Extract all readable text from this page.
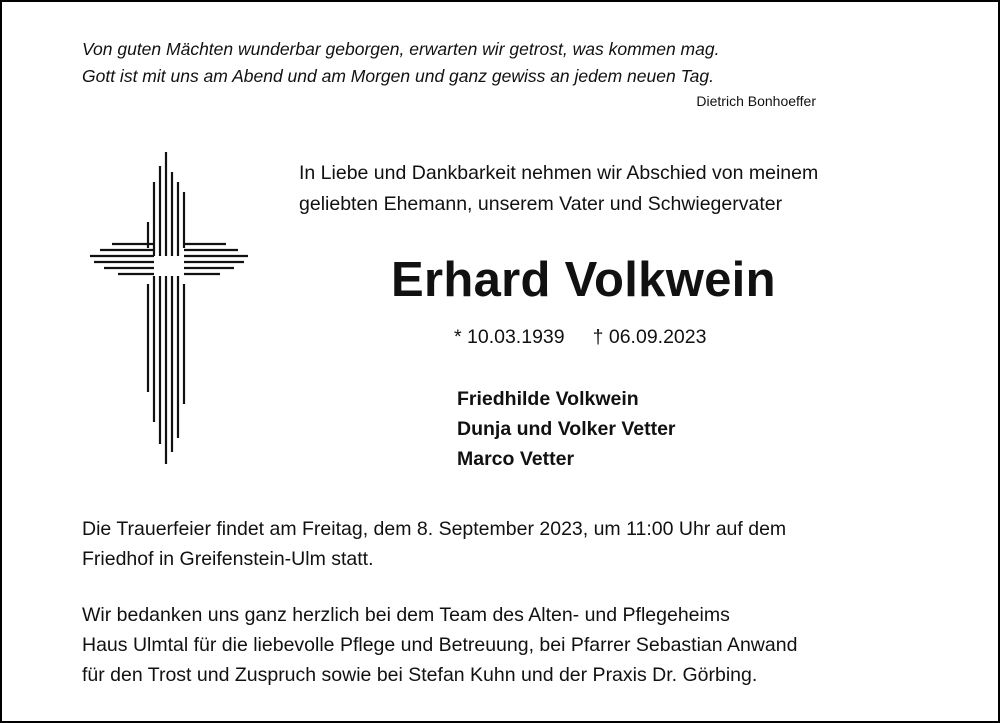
Von guten Mächten wunderbar geborgen, erwarten wir getrost, was kommen mag.
Gott ist mit uns am Abend und am Morgen und ganz gewiss an jedem neuen Tag.
Dietrich Bonhoeffer
In Liebe und Dankbarkeit nehmen wir Abschied von meinem
geliebten Ehemann, unserem Vater und Schwiegervater
Erhard Volkwein
* 10.03.1939 † 06.09.2023
Friedhilde Volkwein
Dunja und Volker Vetter
Marco Vetter
Die Trauerfeier findet am Freitag, dem 8. September 2023, um 11:00 Uhr auf dem
Friedhof in Greifenstein-Ulm statt.
Wir bedanken uns ganz herzlich bei dem Team des Alten- und Pflegeheims
Haus Ulmtal für die liebevolle Pflege und Betreuung, bei Pfarrer Sebastian Anwand
für den Trost und Zuspruch sowie bei Stefan Kuhn und der Praxis Dr. Görbing.
